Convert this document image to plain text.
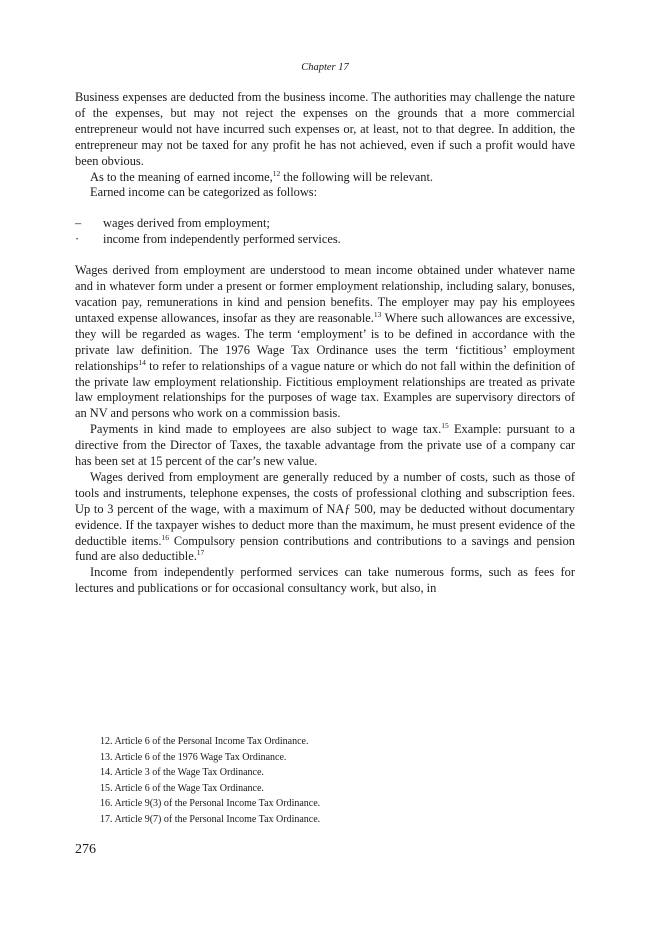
Chapter 17

Business expenses are deducted from the business income. The authorities may challenge the nature of the expenses, but may not reject the expenses on the grounds that a more commercial entrepreneur would not have incurred such expenses or, at least, not to that degree. In addition, the entrepreneur may not be taxed for any profit he has not achieved, even if such a profit would have been obvious.

As to the meaning of earned income,$^{12}$ the following will be relevant.

Earned income can be categorized as follows:

–	wages derived from employment;
·	income from independently performed services.

Wages derived from employment are understood to mean income obtained under whatever name and in whatever form under a present or former employment relationship, including salary, bonuses, vacation pay, remunerations in kind and pension benefits. The employer may pay his employees untaxed expense allowances, insofar as they are reasonable.$^{13}$ Where such allowances are excessive, they will be regarded as wages. The term ‘employment’ is to be defined in accordance with the private law definition. The 1976 Wage Tax Ordinance uses the term ‘fictitious’ employment relationships$^{14}$ to refer to relationships of a vague nature or which do not fall within the definition of the private law employment relationship. Fictitious employment relationships are treated as private law employment relationships for the purposes of wage tax. Examples are supervisory directors of an NV and persons who work on a commission basis.

Payments in kind made to employees are also subject to wage tax.$^{15}$ Example: pursuant to a directive from the Director of Taxes, the taxable advantage from the private use of a company car has been set at 15 percent of the car’s new value.

Wages derived from employment are generally reduced by a number of costs, such as those of tools and instruments, telephone expenses, the costs of professional clothing and subscription fees. Up to 3 percent of the wage, with a maximum of NAƒ 500, may be deducted without documentary evidence. If the taxpayer wishes to deduct more than the maximum, he must present evidence of the deductible items.$^{16}$ Compulsory pension contributions and contributions to a savings and pension fund are also deductible.$^{17}$

Income from independently performed services can take numerous forms, such as fees for lectures and publications or for occasional consultancy work, but also, in

12. Article 6 of the Personal Income Tax Ordinance.
13. Article 6 of the 1976 Wage Tax Ordinance.
14. Article 3 of the Wage Tax Ordinance.
15. Article 6 of the Wage Tax Ordinance.
16. Article 9(3) of the Personal Income Tax Ordinance.
17. Article 9(7) of the Personal Income Tax Ordinance.
276
